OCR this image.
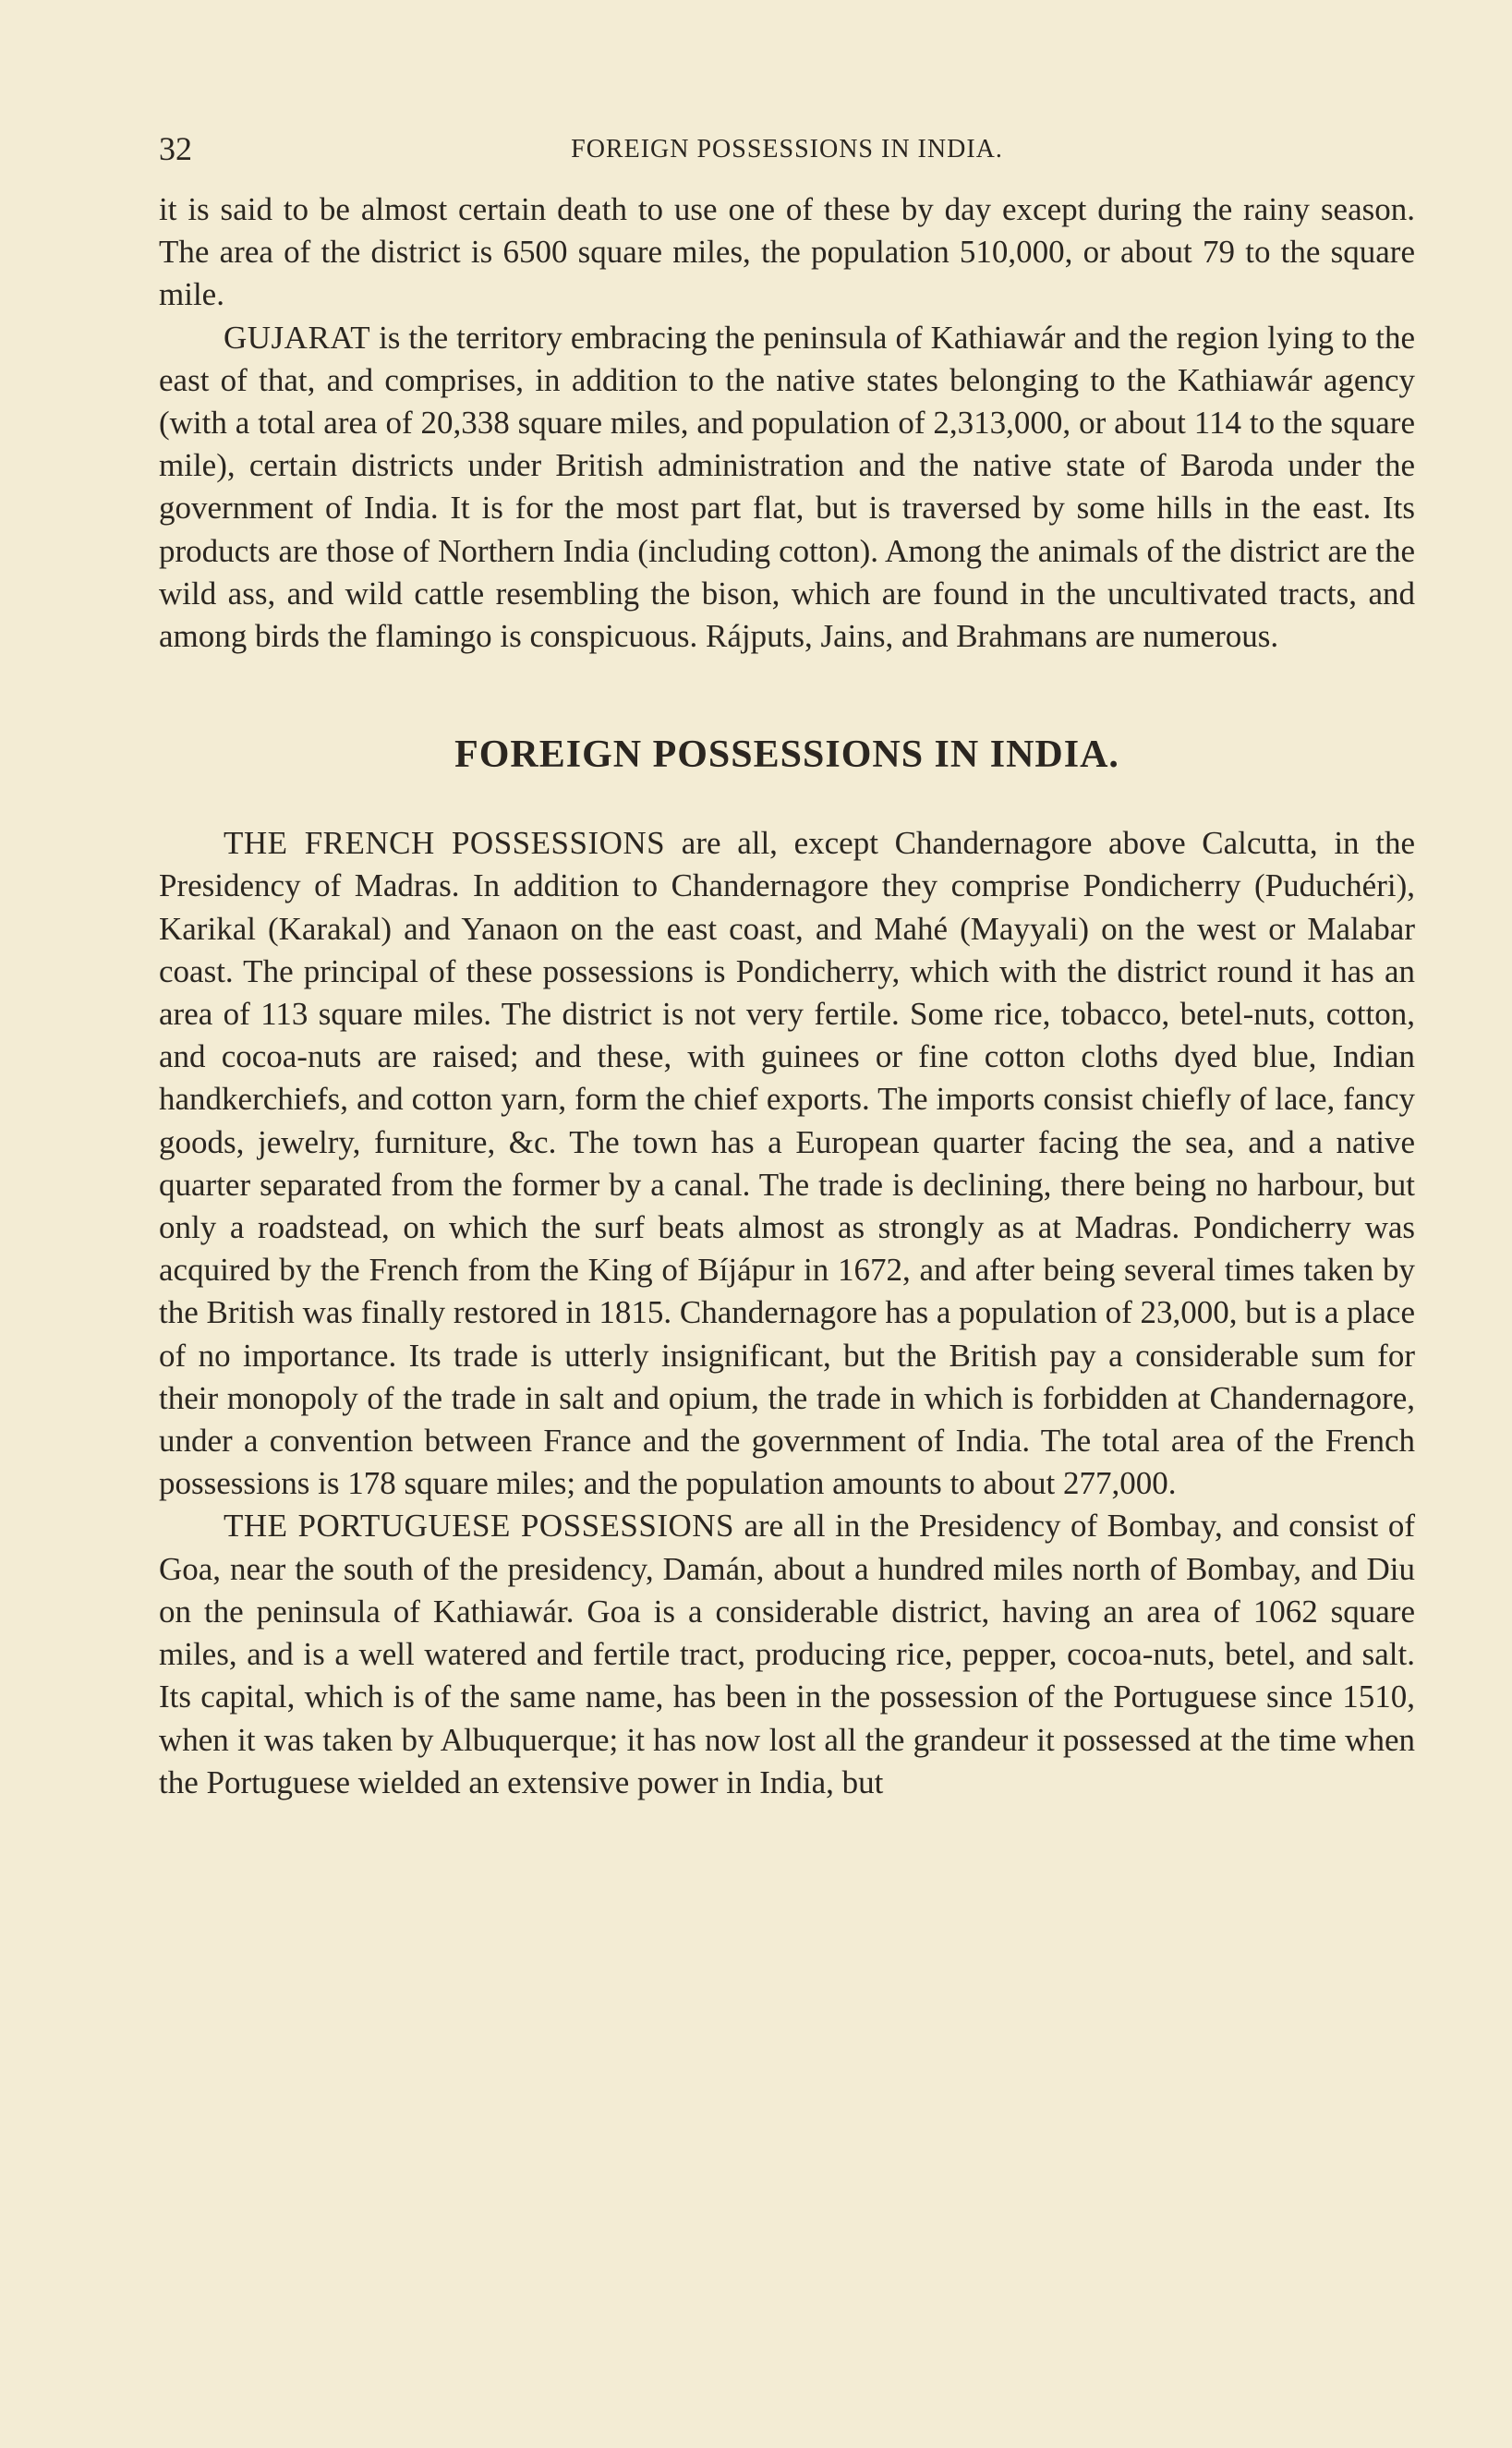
32	FOREIGN POSSESSIONS IN INDIA.

it is said to be almost certain death to use one of these by day except during the rainy season. The area of the district is 6500 square miles, the population 510,000, or about 79 to the square mile.

GUJARAT is the territory embracing the peninsula of Kathiawár and the region lying to the east of that, and comprises, in addition to the native states belonging to the Kathiawár agency (with a total area of 20,338 square miles, and population of 2,313,000, or about 114 to the square mile), certain districts under British administration and the native state of Baroda under the government of India. It is for the most part flat, but is traversed by some hills in the east. Its products are those of Northern India (including cotton). Among the animals of the district are the wild ass, and wild cattle resembling the bison, which are found in the uncultivated tracts, and among birds the flamingo is conspicuous. Rájputs, Jains, and Brahmans are numerous.

FOREIGN POSSESSIONS IN INDIA.

THE FRENCH POSSESSIONS are all, except Chandernagore above Calcutta, in the Presidency of Madras. In addition to Chandernagore they comprise Pondicherry (Puduchéri), Karikal (Karakal) and Yanaon on the east coast, and Mahé (Mayyali) on the west or Malabar coast. The principal of these possessions is Pondicherry, which with the district round it has an area of 113 square miles. The district is not very fertile. Some rice, tobacco, betel-nuts, cotton, and cocoa-nuts are raised; and these, with guinees or fine cotton cloths dyed blue, Indian handkerchiefs, and cotton yarn, form the chief exports. The imports consist chiefly of lace, fancy goods, jewelry, furniture, &c. The town has a European quarter facing the sea, and a native quarter separated from the former by a canal. The trade is declining, there being no harbour, but only a roadstead, on which the surf beats almost as strongly as at Madras. Pondicherry was acquired by the French from the King of Bíjápur in 1672, and after being several times taken by the British was finally restored in 1815. Chandernagore has a population of 23,000, but is a place of no importance. Its trade is utterly insignificant, but the British pay a considerable sum for their monopoly of the trade in salt and opium, the trade in which is forbidden at Chandernagore, under a convention between France and the government of India. The total area of the French possessions is 178 square miles; and the population amounts to about 277,000.

THE PORTUGUESE POSSESSIONS are all in the Presidency of Bombay, and consist of Goa, near the south of the presidency, Damán, about a hundred miles north of Bombay, and Diu on the peninsula of Kathiawár. Goa is a considerable district, having an area of 1062 square miles, and is a well watered and fertile tract, producing rice, pepper, cocoa-nuts, betel, and salt. Its capital, which is of the same name, has been in the possession of the Portuguese since 1510, when it was taken by Albuquerque; it has now lost all the grandeur it possessed at the time when the Portuguese wielded an extensive power in India, but
